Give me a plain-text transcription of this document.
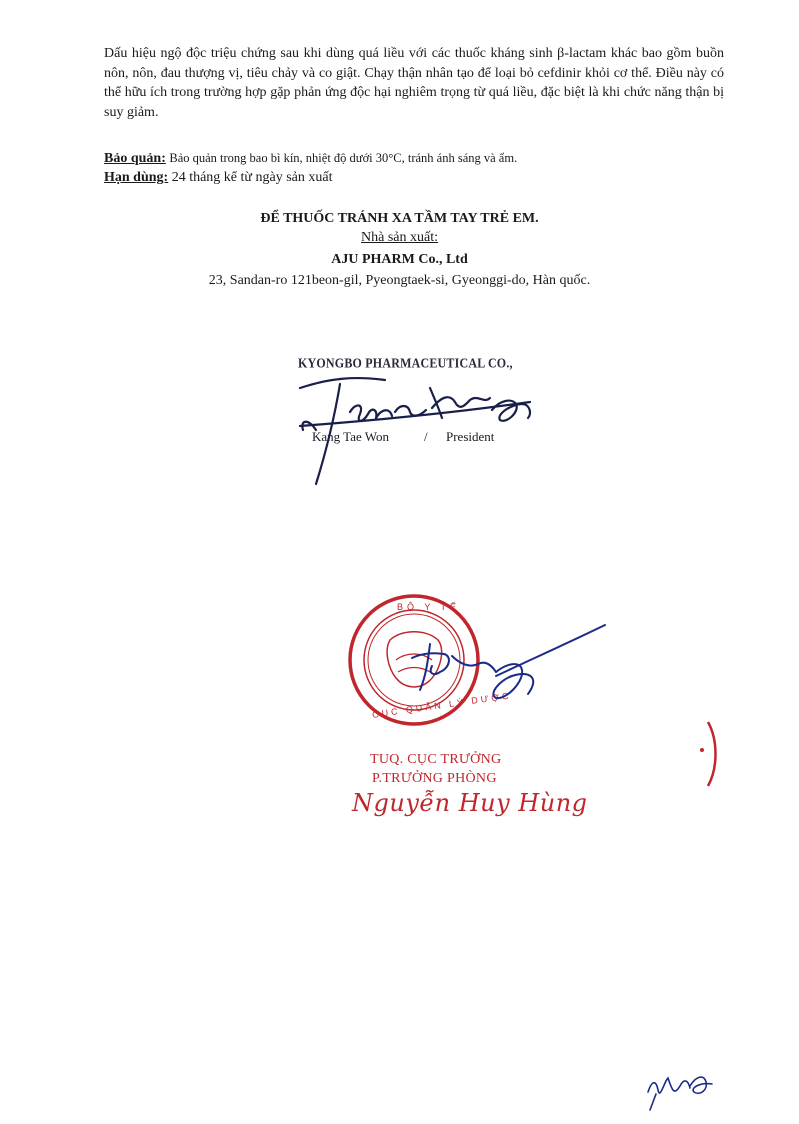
Dấu hiệu ngộ độc triệu chứng sau khi dùng quá liều với các thuốc kháng sinh β-lactam khác bao gồm buồn nôn, nôn, đau thượng vị, tiêu chảy và co giật. Chạy thận nhân tạo để loại bỏ cefdinir khỏi cơ thể. Điều này có thể hữu ích trong trường hợp gặp phản ứng độc hại nghiêm trọng từ quá liều, đặc biệt là khi chức năng thận bị suy giảm.
Bảo quản: Bảo quản trong bao bì kín, nhiệt độ dưới 30°C, tránh ánh sáng và ẩm.
Hạn dùng: 24 tháng kể từ ngày sản xuất
ĐỂ THUỐC TRÁNH XA TẦM TAY TRẺ EM.
Nhà sản xuất:
AJU PHARM Co., Ltd
23, Sandan-ro 121beon-gil, Pyeongtaek-si, Gyeonggi-do, Hàn quốc.
KYONGBO PHARMACEUTICAL CO.,
Kang Tae Won	/ President
BỘ Y TẾ
CỤC QUẢN LÝ DƯỢC
TUQ. CỤC TRƯỞNG
P.TRƯỞNG PHÒNG
Nguyễn Huy Hùng
